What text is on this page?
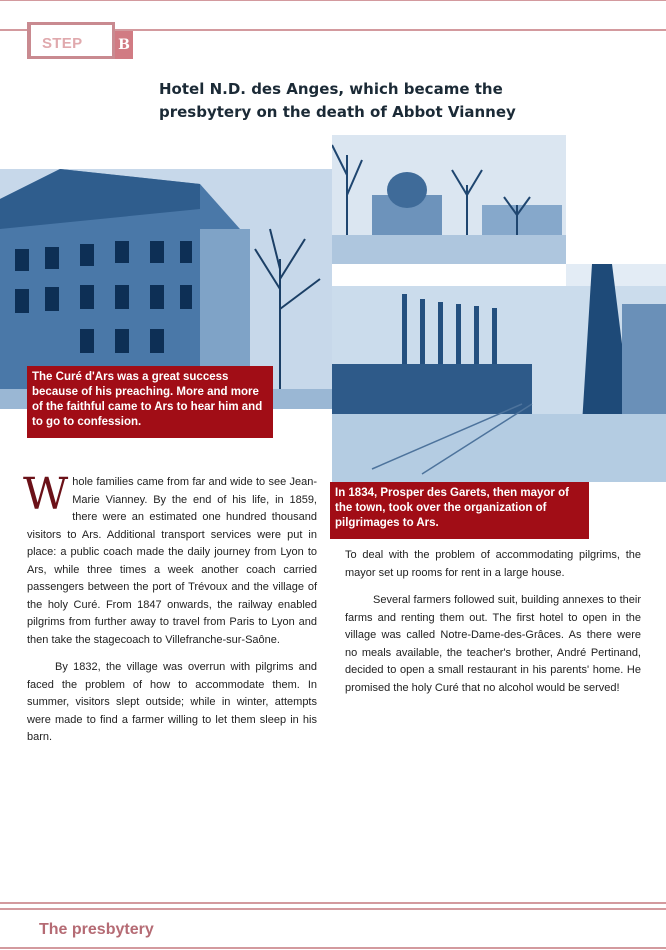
STEP	B
Hotel N.D. des Anges, which became the presbytery on the death of Abbot Vianney
The Curé d'Ars was a great success because of his preaching. More and more of the faithful came to Ars to hear him and to go to confession.
In 1834, Prosper des Garets, then mayor of the town, took over the organization of pilgrimages to Ars.

W hole families came from far and wide to see Jean-Marie Vianney. By the end of his life, in 1859, there were an estimated one hundred thousand visitors to Ars. Additional transport services were put in place: a public coach made the daily journey from Lyon to Ars, while three times a week another coach carried passengers between the port of Trévoux and the village of the holy Curé. From 1847 onwards, the railway enabled pilgrims from further away to travel from Paris to Lyon and then take the stagecoach to Villefranche-sur-Saône.

By 1832, the village was overrun with pilgrims and faced the problem of how to accommodate them. In summer, visitors slept outside; while in winter, attempts were made to find a farmer willing to let them sleep in his barn.

To deal with the problem of accommodating pilgrims, the mayor set up rooms for rent in a large house.

Several farmers followed suit, building annexes to their farms and renting them out. The first hotel to open in the village was called Notre-Dame-des-Grâces. As there were no meals available, the teacher's brother, André Pertinand, decided to open a small restaurant in his parents' home. He promised the holy Curé that no alcohol would be served!

The presbytery
